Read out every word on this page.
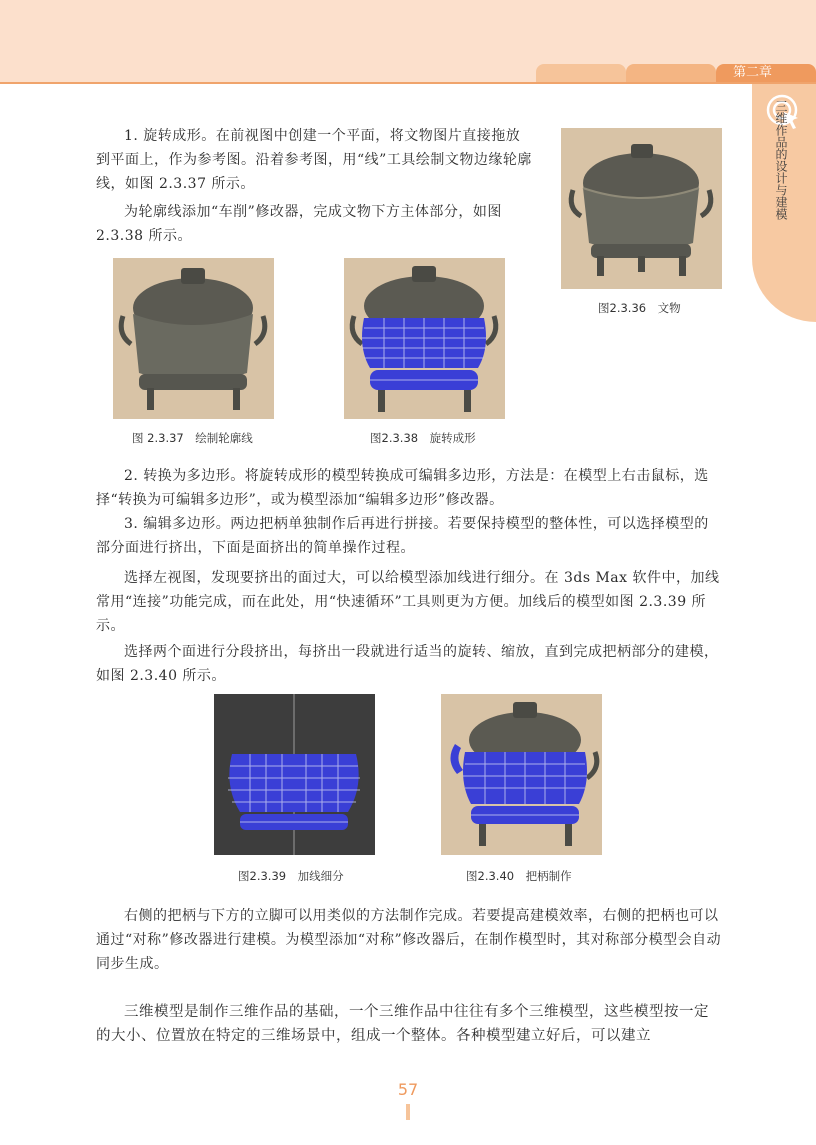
第二章
三维作品的设计与建模
1. 旋转成形。在前视图中创建一个平面，将文物图片直接拖放到平面上，作为参考图。沿着参考图，用“线”工具绘制文物边缘轮廓线，如图 2.3.37 所示。
为轮廓线添加“车削”修改器，完成文物下方主体部分，如图 2.3.38 所示。
图2.3.36　文物
图 2.3.37　绘制轮廓线	图2.3.38　旋转成形
2. 转换为多边形。将旋转成形的模型转换成可编辑多边形，方法是：在模型上右击鼠标，选择“转换为可编辑多边形”，或为模型添加“编辑多边形”修改器。
3. 编辑多边形。两边把柄单独制作后再进行拼接。若要保持模型的整体性，可以选择模型的部分面进行挤出，下面是面挤出的简单操作过程。
选择左视图，发现要挤出的面过大，可以给模型添加线进行细分。在 3ds Max 软件中，加线常用“连接”功能完成，而在此处，用“快速循环”工具则更为方便。加线后的模型如图 2.3.39 所示。
选择两个面进行分段挤出，每挤出一段就进行适当的旋转、缩放，直到完成把柄部分的建模，如图 2.3.40 所示。
图2.3.39　加线细分	图2.3.40　把柄制作
右侧的把柄与下方的立脚可以用类似的方法制作完成。若要提高建模效率，右侧的把柄也可以通过“对称”修改器进行建模。为模型添加“对称”修改器后，在制作模型时，其对称部分模型会自动同步生成。
三维模型是制作三维作品的基础，一个三维作品中往往有多个三维模型，这些模型按一定的大小、位置放在特定的三维场景中，组成一个整体。各种模型建立好后，可以建立
57
